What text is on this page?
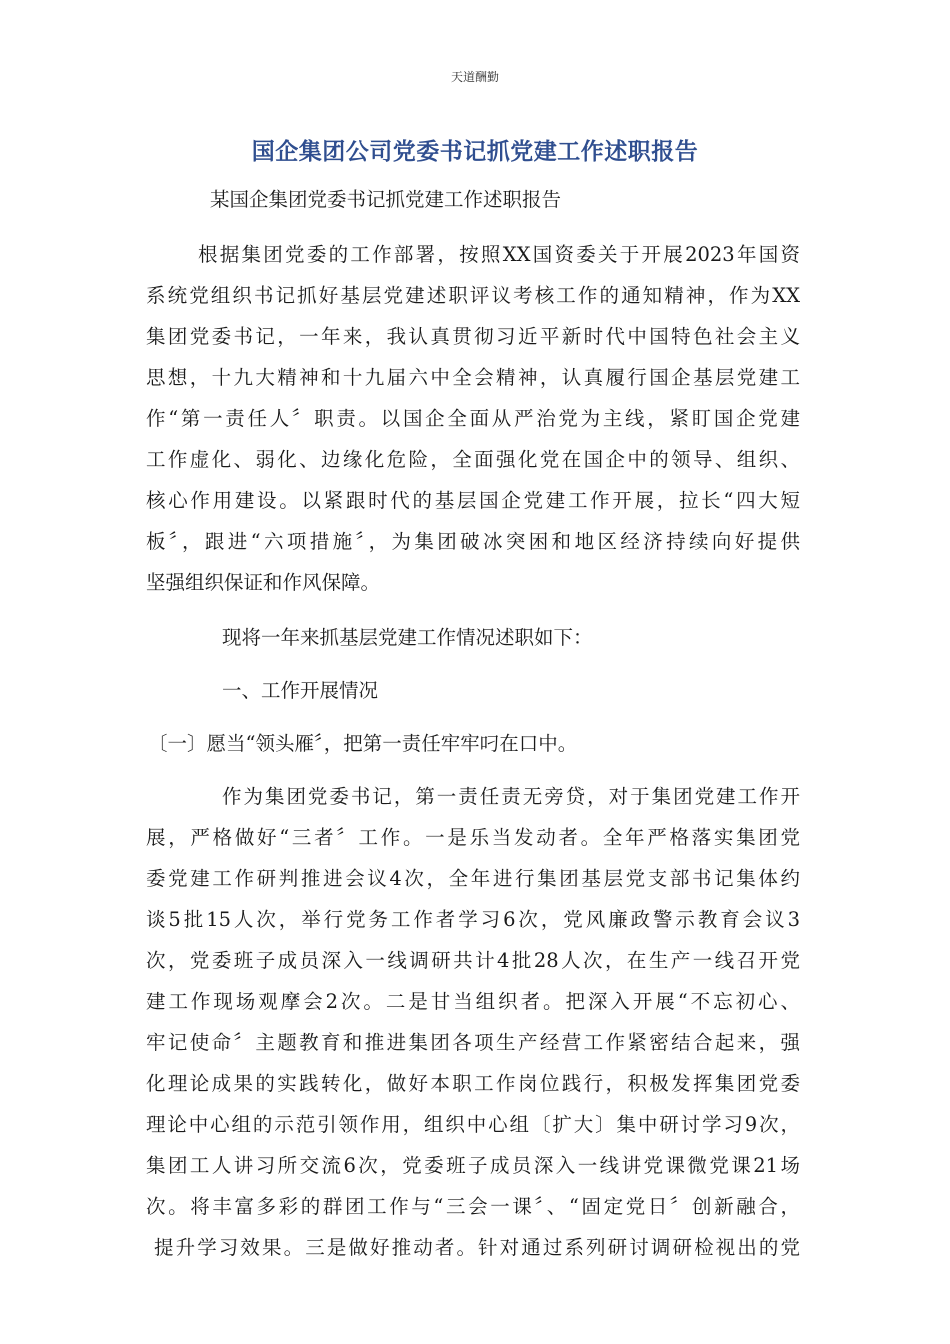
天道酬勤
国企集团公司党委书记抓党建工作述职报告
某国企集团党委书记抓党建工作述职报告
根据集团党委的工作部署，按照XX国资委关于开展2023年国资
系统党组织书记抓好基层党建述职评议考核工作的通知精神，作为XX
集团党委书记，一年来，我认真贯彻习近平新时代中国特色社会主义
思想，十九大精神和十九届六中全会精神，认真履行国企基层党建工
作“第一责任人〞职责。以国企全面从严治党为主线，紧盯国企党建
工作虚化、弱化、边缘化危险，全面强化党在国企中的领导、组织、
核心作用建设。以紧跟时代的基层国企党建工作开展，拉长“四大短
板〞，跟进“六项措施〞，为集团破冰突困和地区经济持续向好提供
坚强组织保证和作风保障。
现将一年来抓基层党建工作情况述职如下：
一、工作开展情况
〔一〕愿当“领头雁〞，把第一责任牢牢叼在口中。
作为集团党委书记，第一责任责无旁贷，对于集团党建工作开
展，严格做好“三者〞工作。一是乐当发动者。全年严格落实集团党
委党建工作研判推进会议4次，全年进行集团基层党支部书记集体约
谈5批15人次，举行党务工作者学习6次，党风廉政警示教育会议3
次，党委班子成员深入一线调研共计4批28人次，在生产一线召开党
建工作现场观摩会2次。二是甘当组织者。把深入开展“不忘初心、
牢记使命〞主题教育和推进集团各项生产经营工作紧密结合起来，强
化理论成果的实践转化，做好本职工作岗位践行，积极发挥集团党委
理论中心组的示范引领作用，组织中心组〔扩大〕集中研讨学习9次，
集团工人讲习所交流6次，党委班子成员深入一线讲党课微党课21场
次。将丰富多彩的群团工作与“三会一课〞、“固定党日〞创新融合，
提升学习效果。三是做好推动者。针对通过系列研讨调研检视出的党
